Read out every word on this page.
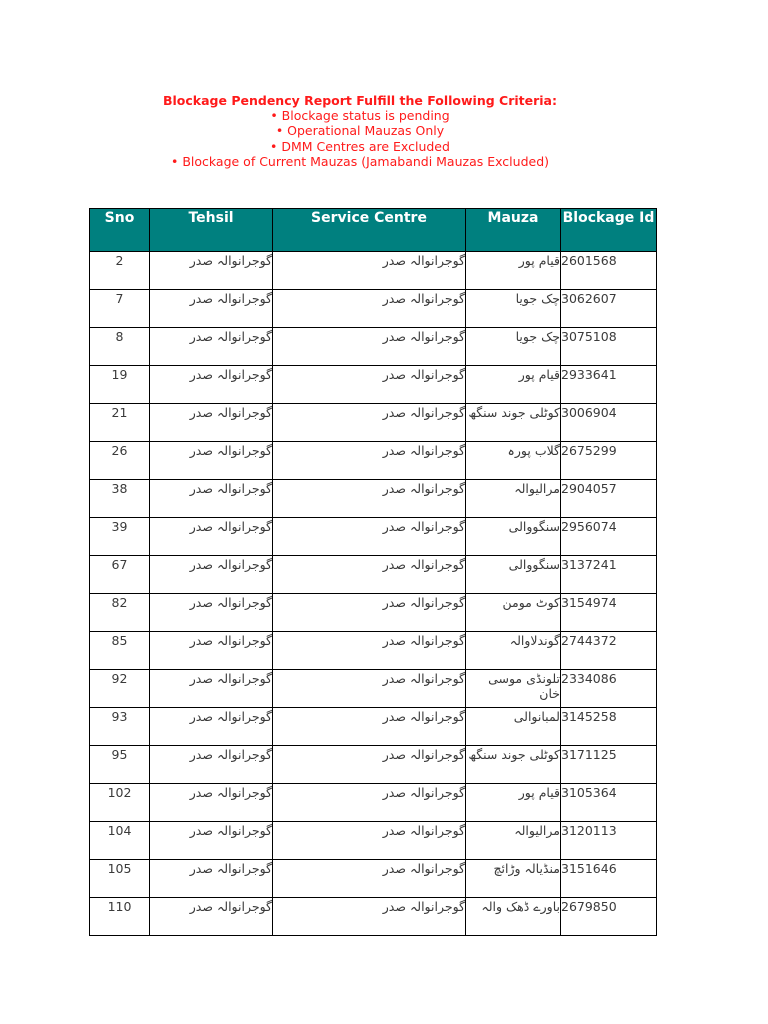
Blockage Pendency Report Fulfill the Following Criteria:
• Blockage status is pending
• Operational Mauzas Only
• DMM Centres are Excluded
• Blockage of Current Mauzas (Jamabandi Mauzas Excluded)
Sno	Tehsil	Service Centre	Mauza	Blockage Id
2	گوجرانوالہ صدر	گوجرانوالہ صدر	قیام پور	2601568
7	گوجرانوالہ صدر	گوجرانوالہ صدر	چک جویا	3062607
8	گوجرانوالہ صدر	گوجرانوالہ صدر	چک جویا	3075108
19	گوجرانوالہ صدر	گوجرانوالہ صدر	قیام پور	2933641
21	گوجرانوالہ صدر	گوجرانوالہ صدر	کوٹلی جوند سنگھ	3006904
26	گوجرانوالہ صدر	گوجرانوالہ صدر	گلاب پورہ	2675299
38	گوجرانوالہ صدر	گوجرانوالہ صدر	مرالیوالہ	2904057
39	گوجرانوالہ صدر	گوجرانوالہ صدر	سنگووالی	2956074
67	گوجرانوالہ صدر	گوجرانوالہ صدر	سنگووالی	3137241
82	گوجرانوالہ صدر	گوجرانوالہ صدر	کوٹ مومن	3154974
85	گوجرانوالہ صدر	گوجرانوالہ صدر	گوندلاوالہ	2744372
92	گوجرانوالہ صدر	گوجرانوالہ صدر	تلونڈی موسی خان	2334086
93	گوجرانوالہ صدر	گوجرانوالہ صدر	لمبانوالی	3145258
95	گوجرانوالہ صدر	گوجرانوالہ صدر	کوٹلی جوند سنگھ	3171125
102	گوجرانوالہ صدر	گوجرانوالہ صدر	قیام پور	3105364
104	گوجرانوالہ صدر	گوجرانوالہ صدر	مرالیوالہ	3120113
105	گوجرانوالہ صدر	گوجرانوالہ صدر	منڈیالہ وڑائچ	3151646
110	گوجرانوالہ صدر	گوجرانوالہ صدر	باورے ڈھک والہ	2679850
